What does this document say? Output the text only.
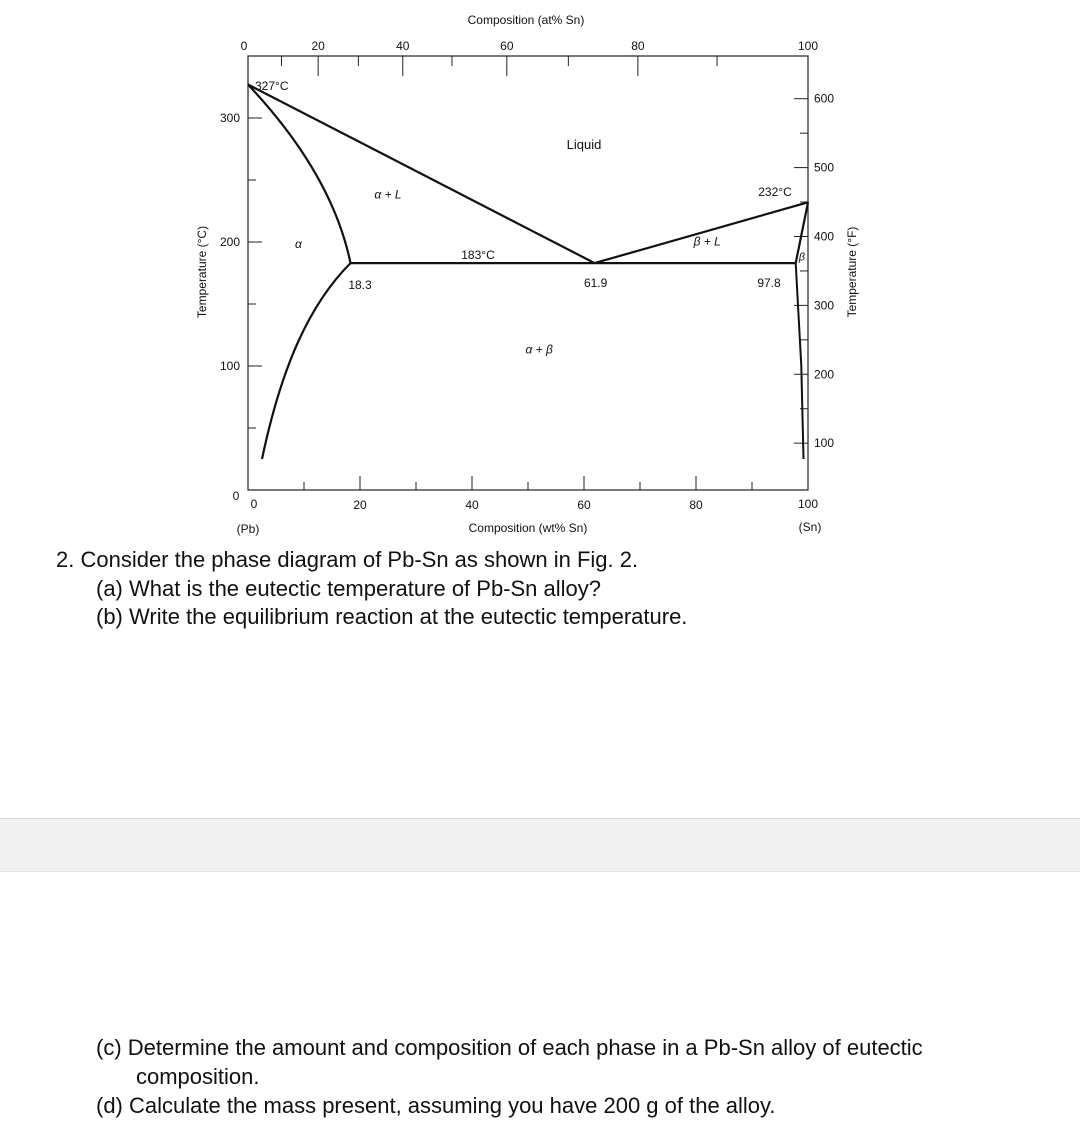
20	40	60	80
0	100
0	20	40	60	80	100
100
200
300
0
100
200
300
400
500
600
Composition (at% Sn)
Composition (wt% Sn)
Temperature (°C)	Temperature (°F)
(Pb)	(Sn)
327°C
232°C
183°C
61.9
18.3	97.8
Liquid
α + L
α	β + L
α + β
β
2. Consider the phase diagram of Pb-Sn as shown in Fig. 2.
(a) What is the eutectic temperature of Pb-Sn alloy?
(b) Write the equilibrium reaction at the eutectic temperature.
(c) Determine the amount and composition of each phase in a Pb-Sn alloy of eutectic
composition.
(d) Calculate the mass present, assuming you have 200 g of the alloy.
